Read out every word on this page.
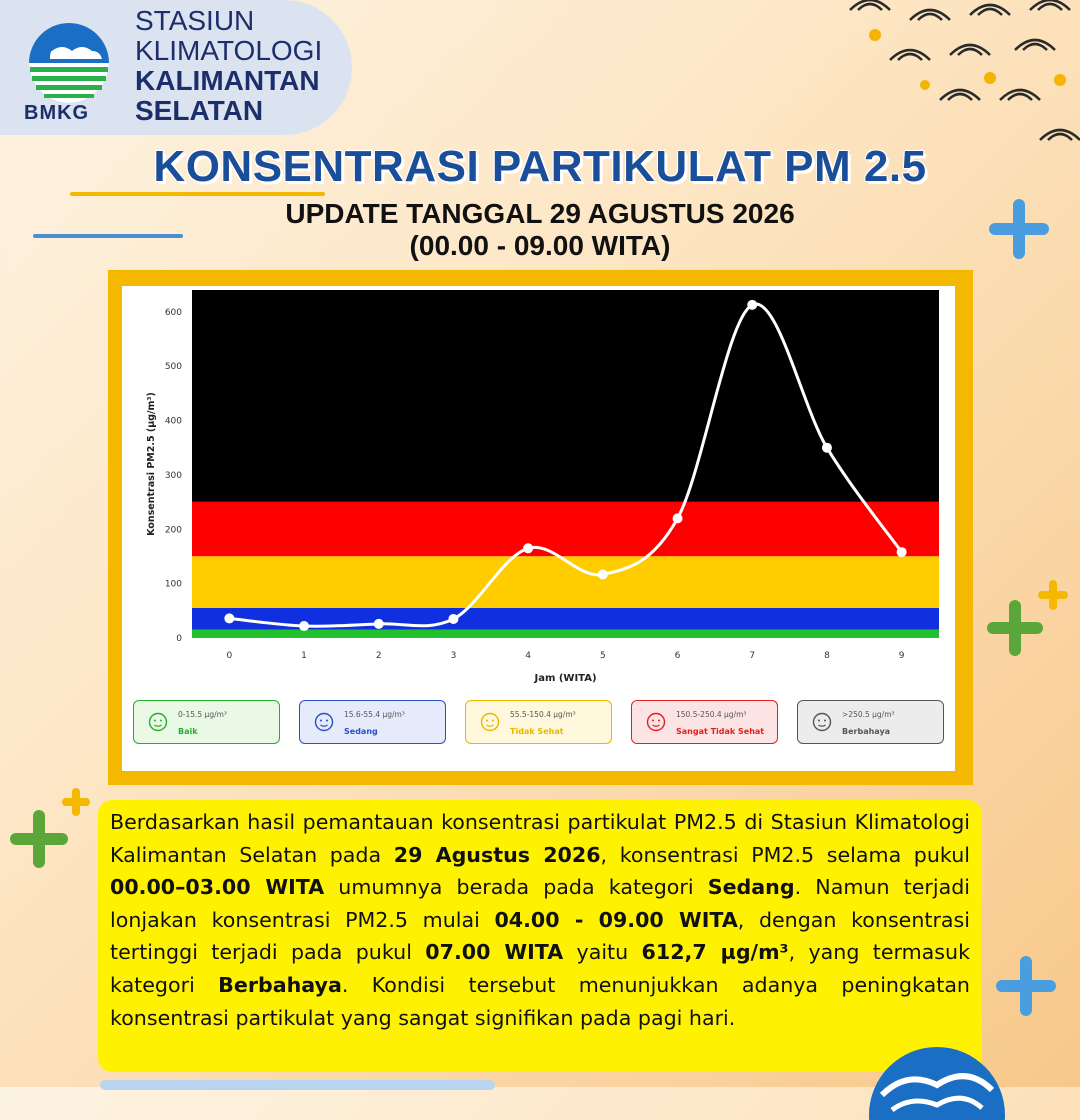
BMKG
STASIUN
KLIMATOLOGI
KALIMANTAN
SELATAN
KONSENTRASI PARTIKULAT PM 2.5
UPDATE TANGGAL 29 AGUSTUS 2026
(00.00 - 09.00 WITA)
0
100
200
300
400
500
600
0	1	2	3	4	5	6	7	8	9
Jam (WITA)
Konsentrasi PM2.5 (µg/m³)
0-15.5 µg/m³
Baik
15.6-55.4 µg/m³
Sedang
55.5-150.4 µg/m³
Tidak Sehat
150.5-250.4 µg/m³
Sangat Tidak Sehat
>250.5 µg/m³
Berbahaya
Berdasarkan hasil pemantauan konsentrasi partikulat PM2.5 di Stasiun Klimatologi Kalimantan Selatan pada 29 Agustus 2026, konsentrasi PM2.5 selama pukul 00.00–03.00 WITA umumnya berada pada kategori Sedang. Namun terjadi lonjakan konsentrasi PM2.5 mulai 04.00 - 09.00 WITA, dengan konsentrasi tertinggi terjadi pada pukul 07.00 WITA yaitu 612,7 µg/m³, yang termasuk kategori Berbahaya. Kondisi tersebut menunjukkan adanya peningkatan konsentrasi partikulat yang sangat signifikan pada pagi hari.
